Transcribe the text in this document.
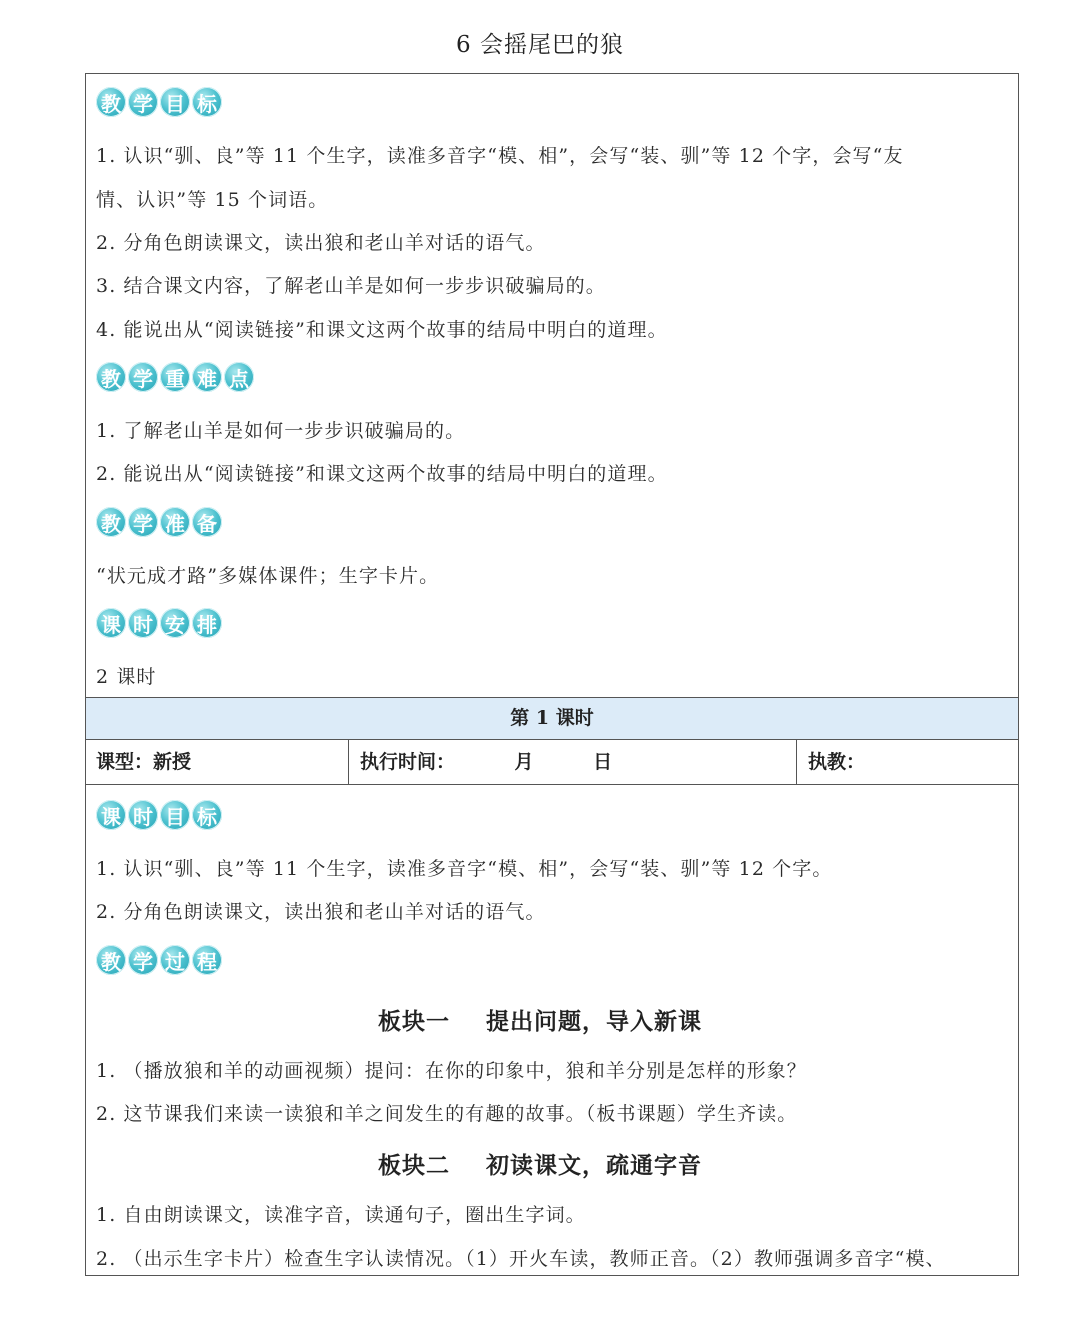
6 会摇尾巴的狼
教 学 目 标
1. 认识“驯、良”等 11 个生字，读准多音字“模、相”，会写“装、驯”等 12 个字，会写“友
情、认识”等 15 个词语。
2. 分角色朗读课文，读出狼和老山羊对话的语气。
3. 结合课文内容，了解老山羊是如何一步步识破骗局的。
4. 能说出从“阅读链接”和课文这两个故事的结局中明白的道理。
教 学 重 难 点
1. 了解老山羊是如何一步步识破骗局的。
2. 能说出从“阅读链接”和课文这两个故事的结局中明白的道理。
教 学 准 备
“状元成才路”多媒体课件；生字卡片。
课 时 安 排
2 课时
第 1 课时
课型：新授	执行时间：         月         日	执教：
课 时 目 标
1. 认识“驯、良”等 11 个生字，读准多音字“模、相”，会写“装、驯”等 12 个字。
2. 分角色朗读课文，读出狼和老山羊对话的语气。
教 学 过 程
板块一    提出问题，导入新课
1. （播放狼和羊的动画视频）提问：在你的印象中，狼和羊分别是怎样的形象？
2. 这节课我们来读一读狼和羊之间发生的有趣的故事。（板书课题）学生齐读。
板块二    初读课文，疏通字音
1. 自由朗读课文，读准字音，读通句子，圈出生字词。
2. （出示生字卡片）检查生字认读情况。（1）开火车读，教师正音。（2）教师强调多音字“模、
